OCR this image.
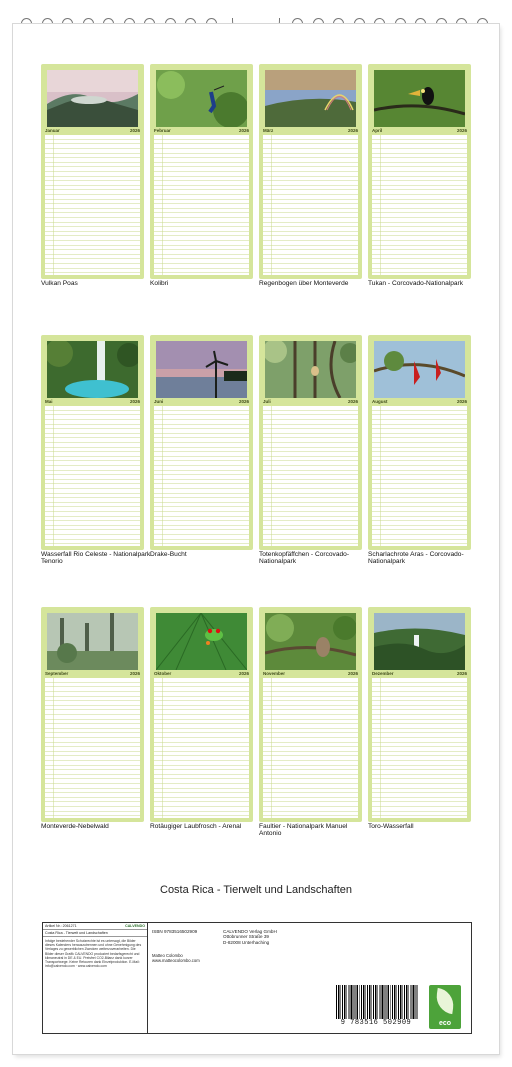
Januar	2026
Vulkan Poas
Februar	2026
Kolibri
März	2026
Regenbogen über Monteverde
April	2026
Tukan - Corcovado-Nationalpark
Mai	2026
Wasserfall Rio Celeste - Nationalpark Tenorio
Juni	2026
Drake-Bucht
Juli	2026
Totenkopfäffchen - Corcovado-Nationalpark
August	2026
Scharlachrote Aras - Corcovado-Nationalpark
September	2026
Monteverde-Nebelwald
Oktober	2026
Rotäugiger Laubfrosch - Arenal
November	2026
Faultier - Nationalpark Manuel Antonio
Dezember	2026
Toro-Wasserfall
Costa Rica - Tierwelt und Landschaften
Artikel Nr.: 2061271	CALVENDO
Costa Rica - Tierwelt und Landschaften
Infolge bestehender Schutzrechte ist es untersagt, die Bilder dieses Kalenders herauszutrennen und ohne Genehmigung des Verlages zu gewerblichen Zwecken weiterzuverarbeiten. Die Bilder dieser Grafik CALVENDO produziert bedarfsgerecht und klimaneutral in DE & EU. Preisfrei CO2-Bilanz dank kurzer Transportwege. Keine Retouren dank Einzelproduktion. E-Mail: info@calvendo.com · www.calvendo.com
ISBN 9783516502909	CALVENDO Verlag GmbH
Ottobrunner Straße 39
D-82008 Unterhaching
Matteo Colombo
www.matteocolombo.com
9 783516 502909	eco
